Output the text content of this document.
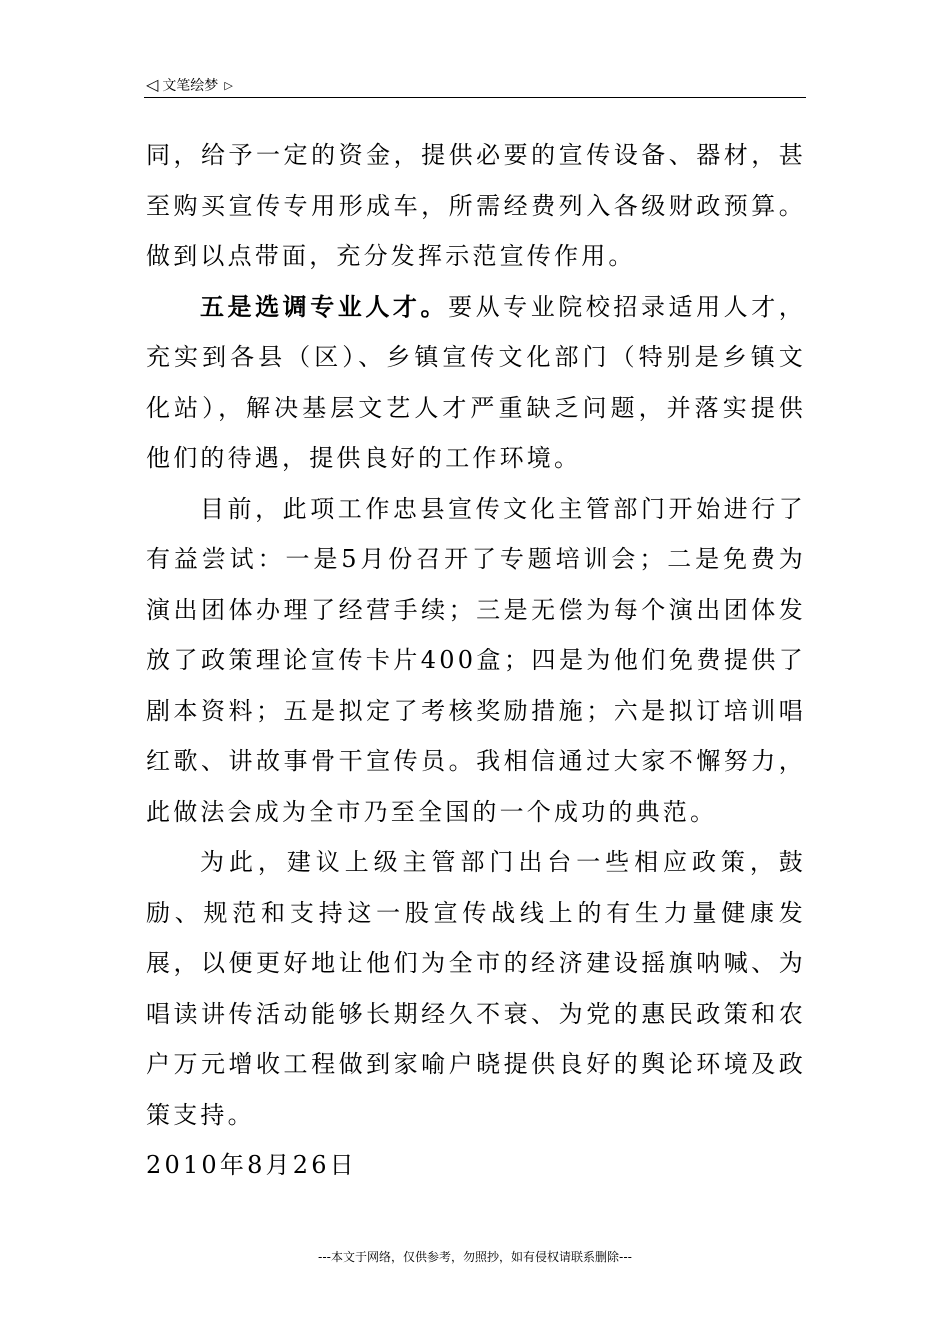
◁ 文笔绘梦 ▷

同，给予一定的资金，提供必要的宣传设备、器材，甚至购买宣传专用形成车，所需经费列入各级财政预算。做到以点带面，充分发挥示范宣传作用。

五是选调专业人才。要从专业院校招录适用人才，充实到各县（区）、乡镇宣传文化部门（特别是乡镇文化站），解决基层文艺人才严重缺乏问题，并落实提供他们的待遇，提供良好的工作环境。

目前，此项工作忠县宣传文化主管部门开始进行了有益尝试：一是5月份召开了专题培训会；二是免费为演出团体办理了经营手续；三是无偿为每个演出团体发放了政策理论宣传卡片400盒；四是为他们免费提供了剧本资料；五是拟定了考核奖励措施；六是拟订培训唱红歌、讲故事骨干宣传员。我相信通过大家不懈努力，此做法会成为全市乃至全国的一个成功的典范。

为此，建议上级主管部门出台一些相应政策，鼓励、规范和支持这一股宣传战线上的有生力量健康发展，以便更好地让他们为全市的经济建设摇旗呐喊、为唱读讲传活动能够长期经久不衰、为党的惠民政策和农户万元增收工程做到家喻户晓提供良好的舆论环境及政策支持。

2010年8月26日

---本文于网络，仅供参考，勿照抄，如有侵权请联系删除---
